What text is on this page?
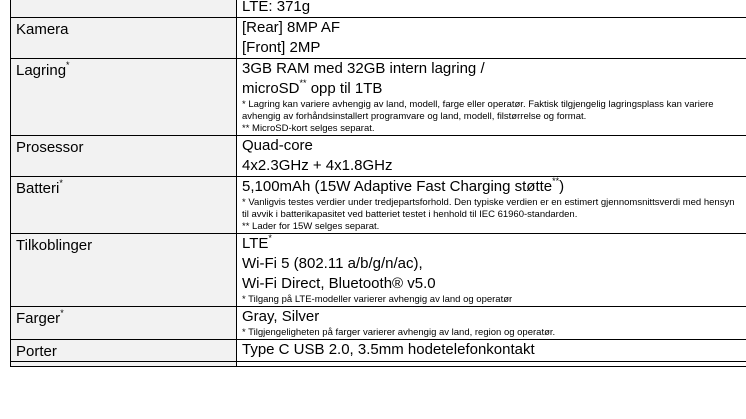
	LTE: 371g

Kamera	[Rear] 8MP AF
[Front] 2MP

Lagring*	3GB RAM med 32GB intern lagring /
microSD** opp til 1TB
* Lagring kan variere avhengig av land, modell, farge eller operatør. Faktisk tilgjengelig lagringsplass kan variere avhengig av forhåndsinstallert programvare og land, modell, filstørrelse og format.
** MicroSD-kort selges separat.

Prosessor	Quad-core
4x2.3GHz + 4x1.8GHz

Batteri*	5,100mAh (15W Adaptive Fast Charging støtte**)
* Vanligvis testes verdier under tredjepartsforhold. Den typiske verdien er en estimert gjennomsnittsverdi med hensyn til avvik i batterikapasitet ved batteriet testet i henhold til IEC 61960-standarden.
** Lader for 15W selges separat.

Tilkoblinger	LTE*
Wi-Fi 5 (802.11 a/b/g/n/ac),
Wi-Fi Direct, Bluetooth® v5.0
* Tilgang på LTE-modeller varierer avhengig av land og operatør

Farger*	Gray, Silver
* Tilgjengeligheten på farger varierer avhengig av land, region og operatør.

Porter	Type C USB 2.0, 3.5mm hodetelefonkontakt
